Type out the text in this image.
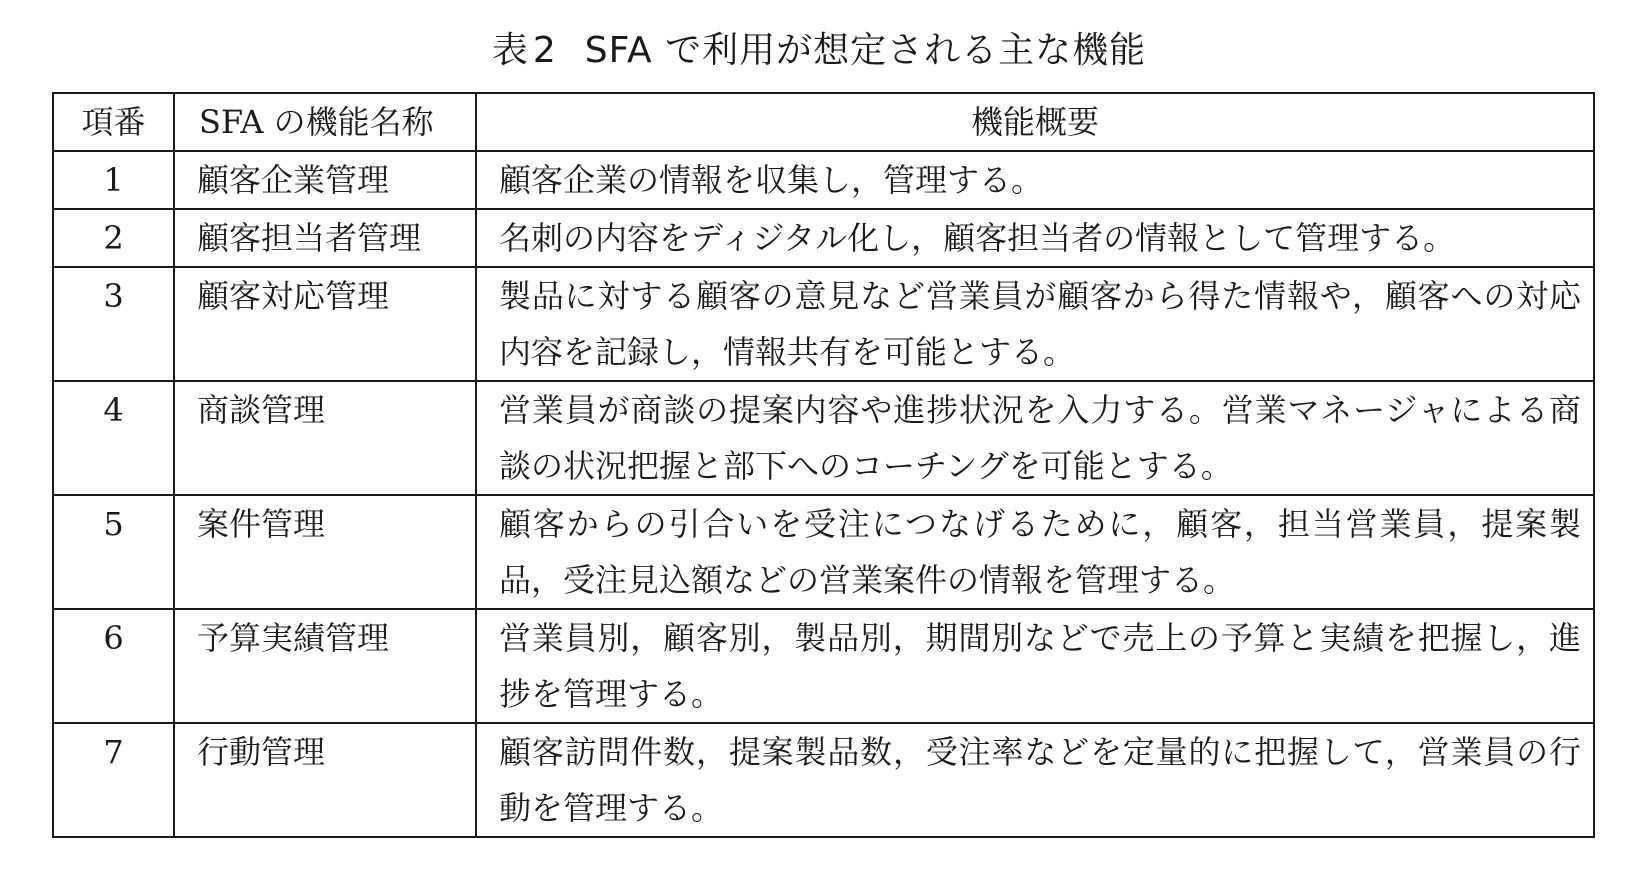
表 2 SFA で利用が想定される主な機能
項番	SFA の機能名称	機能概要
1	顧客企業管理	顧客企業の情報を収集し，管理する。
2	顧客担当者管理	名刺の内容をディジタル化し，顧客担当者の情報として管理する。
3	顧客対応管理	製品に対する顧客の意見など営業員が顧客から得た情報や，顧客への対応内容を記録し，情報共有を可能とする。
4	商談管理	営業員が商談の提案内容や進捗状況を入力する。営業マネージャによる商談の状況把握と部下へのコーチングを可能とする。
5	案件管理	顧客からの引合いを受注につなげるために，顧客，担当営業員，提案製品，受注見込額などの営業案件の情報を管理する。
6	予算実績管理	営業員別，顧客別，製品別，期間別などで売上の予算と実績を把握し，進捗を管理する。
7	行動管理	顧客訪問件数，提案製品数，受注率などを定量的に把握して，営業員の行動を管理する。
